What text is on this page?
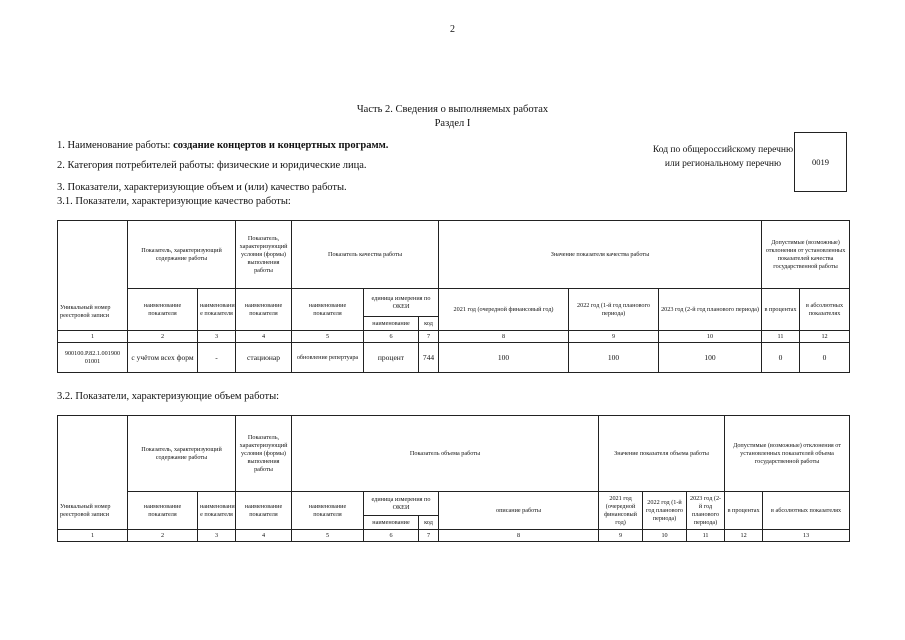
2
Часть 2. Сведения о выполняемых работах
Раздел I
1. Наименование работы: создание концертов и концертных программ.
2. Категория потребителей работы: физические и юридические лица.
3. Показатели, характеризующие объем и (или) качество работы.
3.1. Показатели, характеризующие качество работы:
Код по общероссийскому перечню или региональному перечню	0019
Уникальный номер реестровой записи	Показатель, характеризующий содержание работы		Показатель, характеризующий условия (формы) выполнения работы	Показатель качества работы			Значение показателя качества работы			Допустимые (возможные) отклонения от установленных показателей качества государственной работы	
	наименование показателя	наименовани е показателя	наименование показателя	наименование показателя	единица измерения по ОКЕИ		2021 год (очередной финансовый год)	2022 год (1-й год планового периода)	2023 год (2-й год планового периода)	в процентах	в абсолютных показателях
					наименование	код					
1	2	3	4	5	6	7	8	9	10	11	12
900100.Р.82.1.001900 01001	с учётом всех форм	-	стационар	обновление репертуара	процент	744	100	100	100	0	0
3.2. Показатели, характеризующие объем работы:
Уникальный номер реестровой записи	Показатель, характеризующий содержание работы		Показатель, характеризующий условия (формы) выполнения работы	Показатель объема работы				Значение показателя объема работы			Допустимые (возможные) отклонения от установленных показателей объема государственной работы	
	наименование показателя	наименовани е показателя	наименование показателя	наименование показателя	единица измерения по ОКЕИ		описание работы	2021 год (очередной финансовый год)	2022 год (1-й год планового периода)	2023 год (2-й год планового периода)	в процентах	в абсолютных показателях
					наименование	код						
1	2	3	4	5	6	7	8	9	10	11	12	13
